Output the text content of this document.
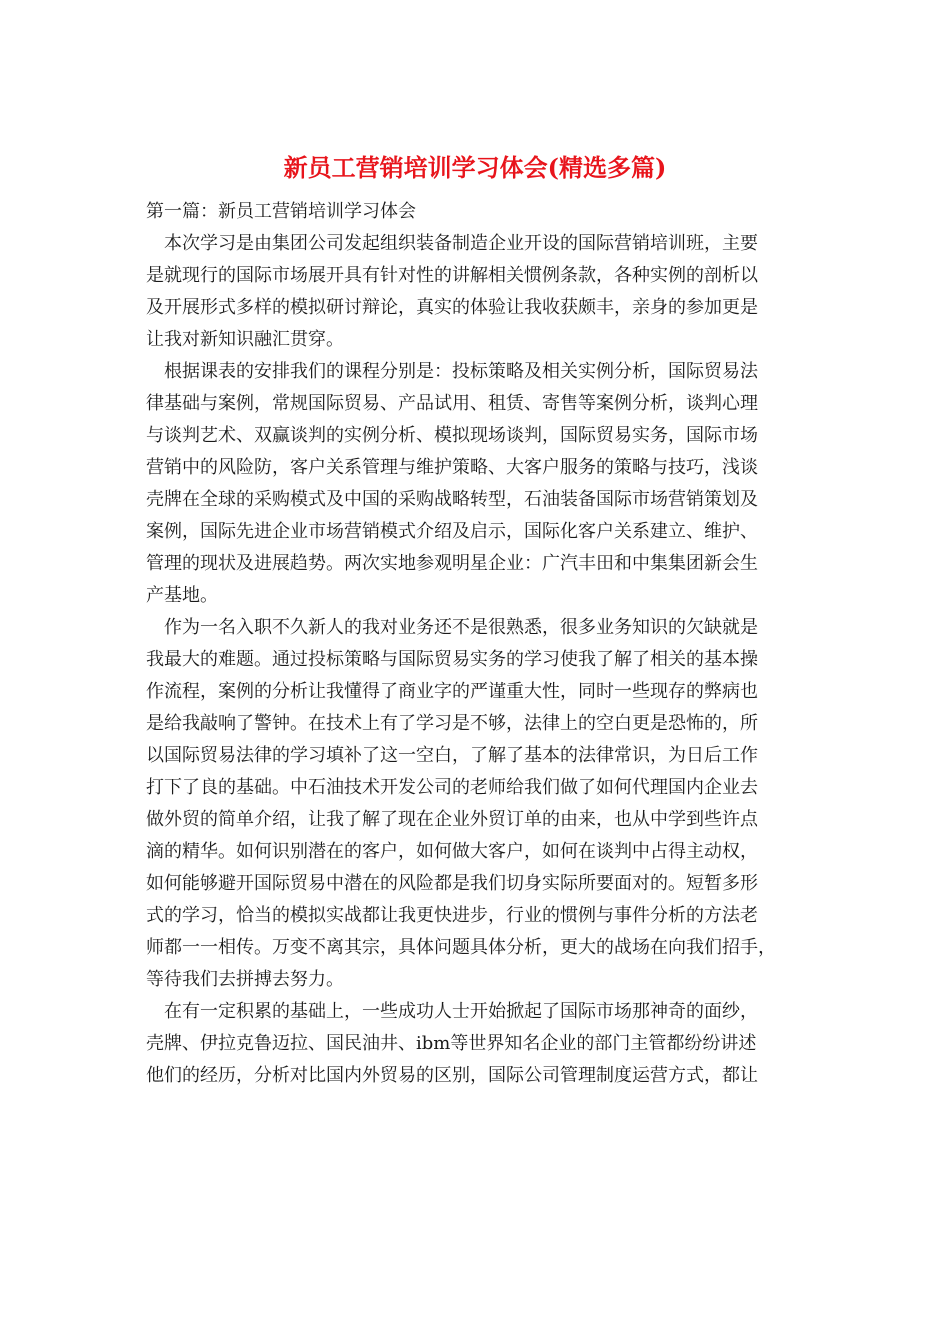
新员工营销培训学习体会(精选多篇)
第一篇：新员工营销培训学习体会
　本次学习是由集团公司发起组织装备制造企业开设的国际营销培训班，主要
是就现行的国际市场展开具有针对性的讲解相关惯例条款，各种实例的剖析以
及开展形式多样的模拟研讨辩论，真实的体验让我收获颇丰，亲身的参加更是
让我对新知识融汇贯穿。
　根据课表的安排我们的课程分别是：投标策略及相关实例分析，国际贸易法
律基础与案例，常规国际贸易、产品试用、租赁、寄售等案例分析，谈判心理
与谈判艺术、双赢谈判的实例分析、模拟现场谈判，国际贸易实务，国际市场
营销中的风险防，客户关系管理与维护策略、大客户服务的策略与技巧，浅谈
壳牌在全球的采购模式及中国的采购战略转型，石油装备国际市场营销策划及
案例，国际先进企业市场营销模式介绍及启示，国际化客户关系建立、维护、
管理的现状及进展趋势。两次实地参观明星企业：广汽丰田和中集集团新会生
产基地。
　作为一名入职不久新人的我对业务还不是很熟悉，很多业务知识的欠缺就是
我最大的难题。通过投标策略与国际贸易实务的学习使我了解了相关的基本操
作流程，案例的分析让我懂得了商业字的严谨重大性，同时一些现存的弊病也
是给我敲响了警钟。在技术上有了学习是不够，法律上的空白更是恐怖的，所
以国际贸易法律的学习填补了这一空白，了解了基本的法律常识，为日后工作
打下了良的基础。中石油技术开发公司的老师给我们做了如何代理国内企业去
做外贸的简单介绍，让我了解了现在企业外贸订单的由来，也从中学到些许点
滴的精华。如何识别潜在的客户，如何做大客户，如何在谈判中占得主动权，
如何能够避开国际贸易中潜在的风险都是我们切身实际所要面对的。短暂多形
式的学习，恰当的模拟实战都让我更快进步，行业的惯例与事件分析的方法老
师都一一相传。万变不离其宗，具体问题具体分析，更大的战场在向我们招手，
等待我们去拼搏去努力。
　在有一定积累的基础上，一些成功人士开始掀起了国际市场那神奇的面纱，
壳牌、伊拉克鲁迈拉、国民油井、ibm等世界知名企业的部门主管都纷纷讲述
他们的经历，分析对比国内外贸易的区别，国际公司管理制度运营方式，都让
